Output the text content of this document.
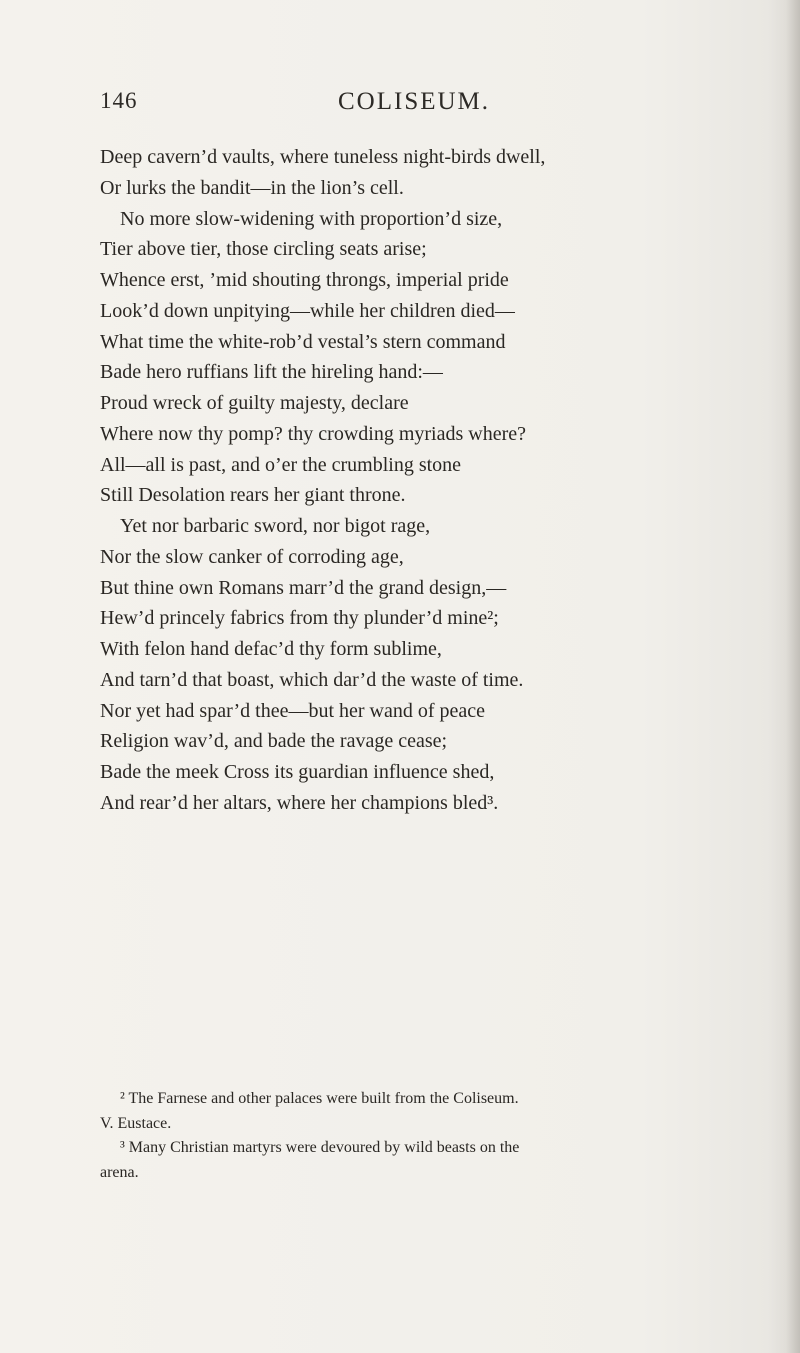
146	COLISEUM.
Deep cavern’d vaults, where tuneless night-birds dwell,
Or lurks the bandit—in the lion’s cell.
No more slow-widening with proportion’d size,
Tier above tier, those circling seats arise;
Whence erst, ’mid shouting throngs, imperial pride
Look’d down unpitying—while her children died—
What time the white-rob’d vestal’s stern command
Bade hero ruffians lift the hireling hand:—
Proud wreck of guilty majesty, declare
Where now thy pomp? thy crowding myriads where?
All—all is past, and o’er the crumbling stone
Still Desolation rears her giant throne.
Yet nor barbaric sword, nor bigot rage,
Nor the slow canker of corroding age,
But thine own Romans marr’d the grand design,—
Hew’d princely fabrics from thy plunder’d mine²;
With felon hand defac’d thy form sublime,
And tarn’d that boast, which dar’d the waste of time.
Nor yet had spar’d thee—but her wand of peace
Religion wav’d, and bade the ravage cease;
Bade the meek Cross its guardian influence shed,
And rear’d her altars, where her champions bled³.
² The Farnese and other palaces were built from the Coliseum.
V. Eustace.
³ Many Christian martyrs were devoured by wild beasts on the
arena.
